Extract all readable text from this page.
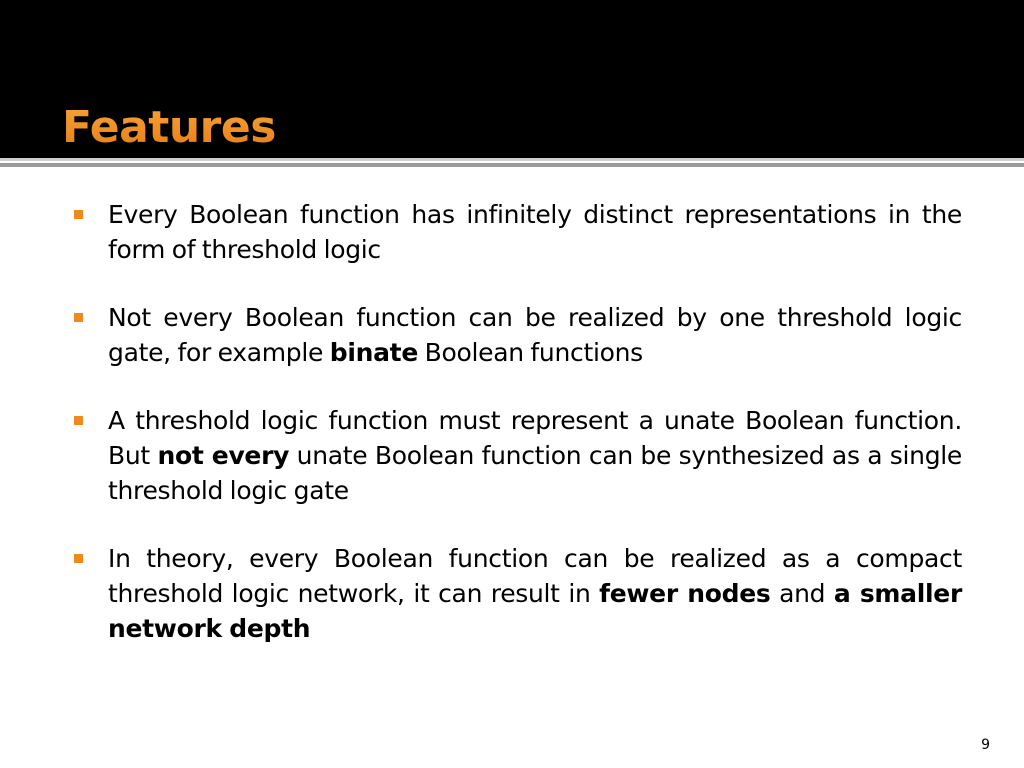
Features
Every Boolean function has infinitely distinct representations in the form of threshold logic
Not every Boolean function can be realized by one threshold logic gate, for example binate Boolean functions
A threshold logic function must represent a unate Boolean function. But not every unate Boolean function can be synthesized as a single threshold logic gate
In theory, every Boolean function can be realized as a compact threshold logic network, it can result in fewer nodes and a smaller network depth
9
